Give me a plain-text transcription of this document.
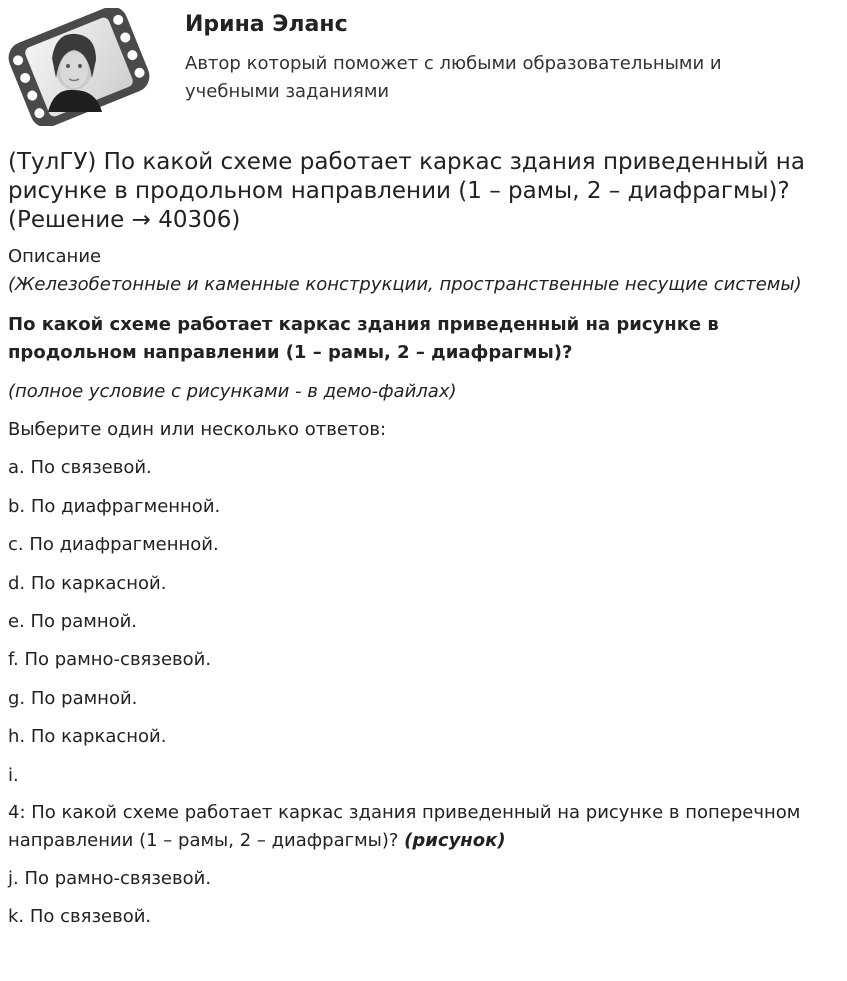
Ирина Эланс
Автор который поможет с любыми образовательными и учебными заданиями
(ТулГУ) По какой схеме работает каркас здания приведенный на рисунке в продольном направлении (1 – рамы, 2 – диафрагмы)? (Решение → 40306)
Описание
(Железобетонные и каменные конструкции, пространственные несущие системы)
По какой схеме работает каркас здания приведенный на рисунке в продольном направлении (1 – рамы, 2 – диафрагмы)?
(полное условие с рисунками - в демо-файлах)
Выберите один или несколько ответов:
a. По связевой.
b. По диафрагменной.
c. По диафрагменной.
d. По каркасной.
e. По рамной.
f. По рамно-связевой.
g. По рамной.
h. По каркасной.
i.
4: По какой схеме работает каркас здания приведенный на рисунке в поперечном направлении (1 – рамы, 2 – диафрагмы)? (рисунок)
j. По рамно-связевой.
k. По связевой.
